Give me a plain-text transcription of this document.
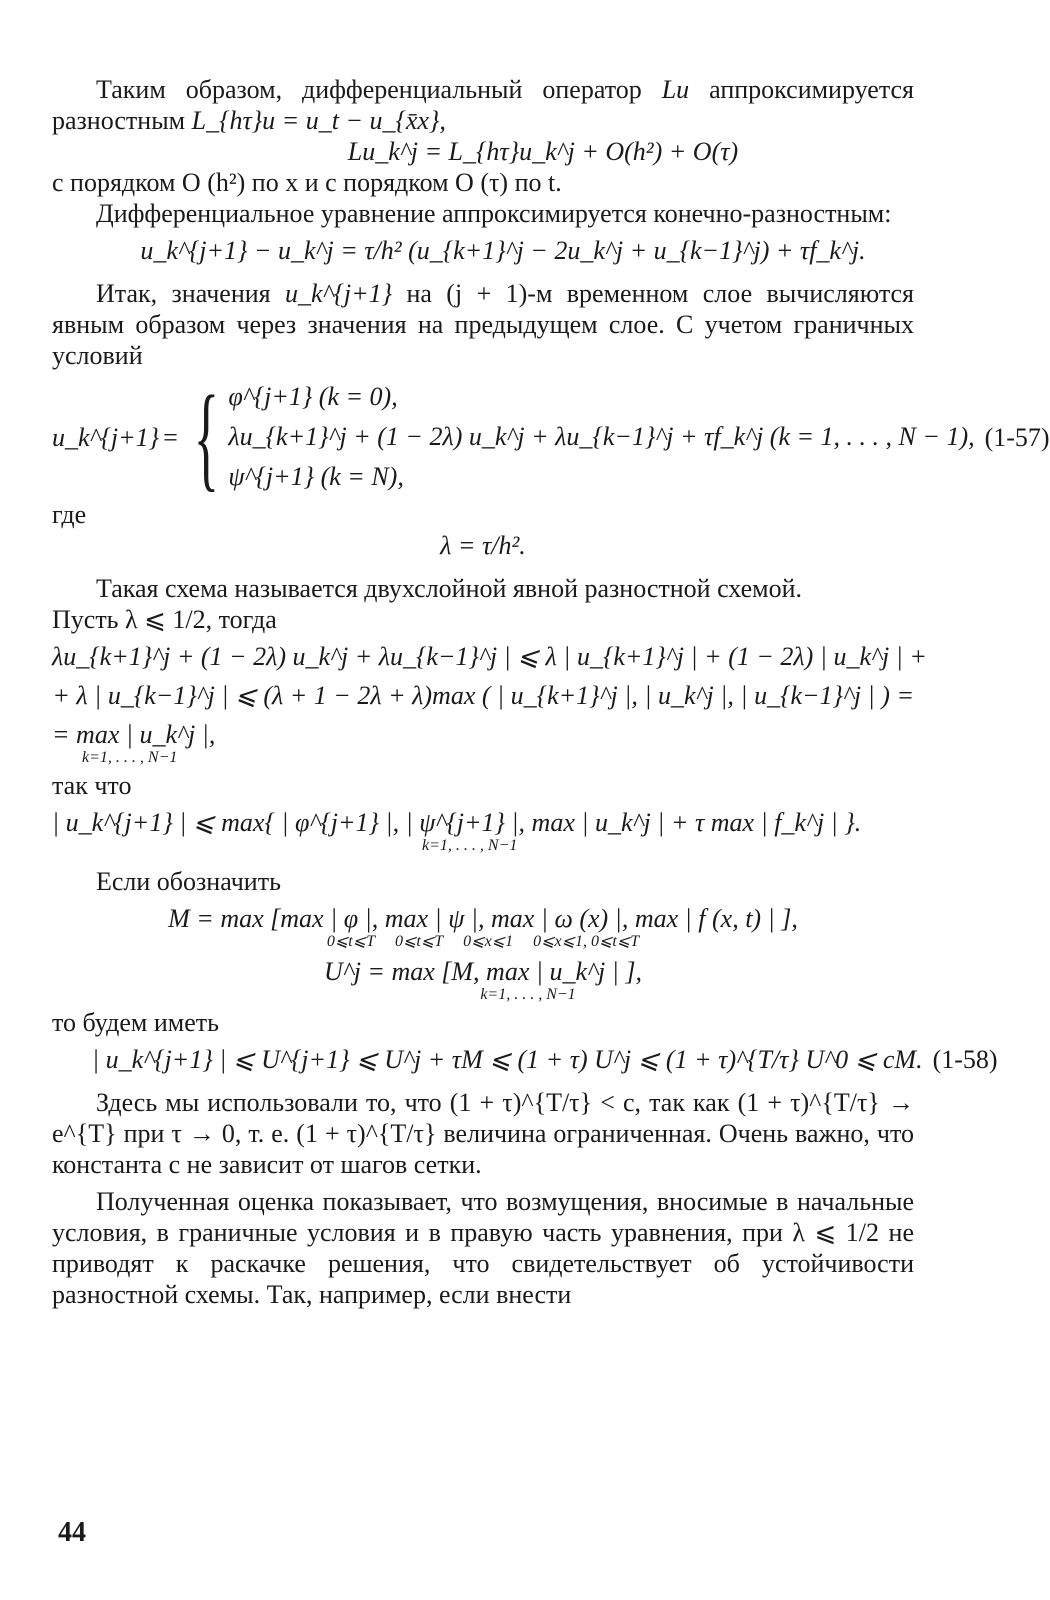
Таким образом, дифференциальный оператор Lu аппроксимируется разностным L_{hτ}u = u_t − u_{x̄x},

Lu_k^j = L_{hτ}u_k^j + O(h²) + O(τ)

с порядком O (h²) по x и с порядком O (τ) по t.

Дифференциальное уравнение аппроксимируется конечно-разностным:

u_k^{j+1} − u_k^j = τ/h² (u_{k+1}^j − 2u_k^j + u_{k−1}^j) + τf_k^j.

Итак, значения u_k^{j+1} на (j + 1)-м временном слое вычисляются явным образом через значения на предыдущем слое. С учетом граничных условий

u_k^{j+1} = { φ^{j+1} (k = 0),
λu_{k+1}^j + (1 − 2λ) u_k^j + λu_{k−1}^j + τf_k^j (k = 1, . . . , N − 1),
ψ^{j+1} (k = N),
(1-57)

где

λ = τ/h².

Такая схема называется двухслойной явной разностной схемой.

Пусть λ ⩽ 1/2, тогда

λu_{k+1}^j + (1 − 2λ) u_k^j + λu_{k−1}^j | ⩽ λ | u_{k+1}^j | + (1 − 2λ) | u_k^j | +
+ λ | u_{k−1}^j | ⩽ (λ + 1 − 2λ + λ)max ( | u_{k+1}^j |, | u_k^j |, | u_{k−1}^j | ) =
= max | u_k^j |,
k=1, . . . , N−1

так что

| u_k^{j+1} | ⩽ max{ | φ^{j+1} |, | ψ^{j+1} |, max | u_k^j | + τ max | f_k^j | }.
k=1, . . . , N−1

Если обозначить

M = max [max | φ |, max | ψ |, max | ω (x) |, max | f (x, t) | ],
0⩽t⩽T 0⩽t⩽T 0⩽x⩽1 0⩽x⩽1, 0⩽t⩽T
U^j = max [M, max | u_k^j | ],
k=1, . . . , N−1

то будем иметь

| u_k^{j+1} | ⩽ U^{j+1} ⩽ U^j + τM ⩽ (1 + τ) U^j ⩽ (1 + τ)^{T/τ} U^0 ⩽ cM. (1-58)

Здесь мы использовали то, что (1 + τ)^{T/τ} < c, так как (1 + τ)^{T/τ} → e^{T} при τ → 0, т. е. (1 + τ)^{T/τ} величина ограниченная. Очень важно, что константа c не зависит от шагов сетки.

Полученная оценка показывает, что возмущения, вносимые в начальные условия, в граничные условия и в правую часть уравнения, при λ ⩽ 1/2 не приводят к раскачке решения, что свидетельствует об устойчивости разностной схемы. Так, например, если внести

44
